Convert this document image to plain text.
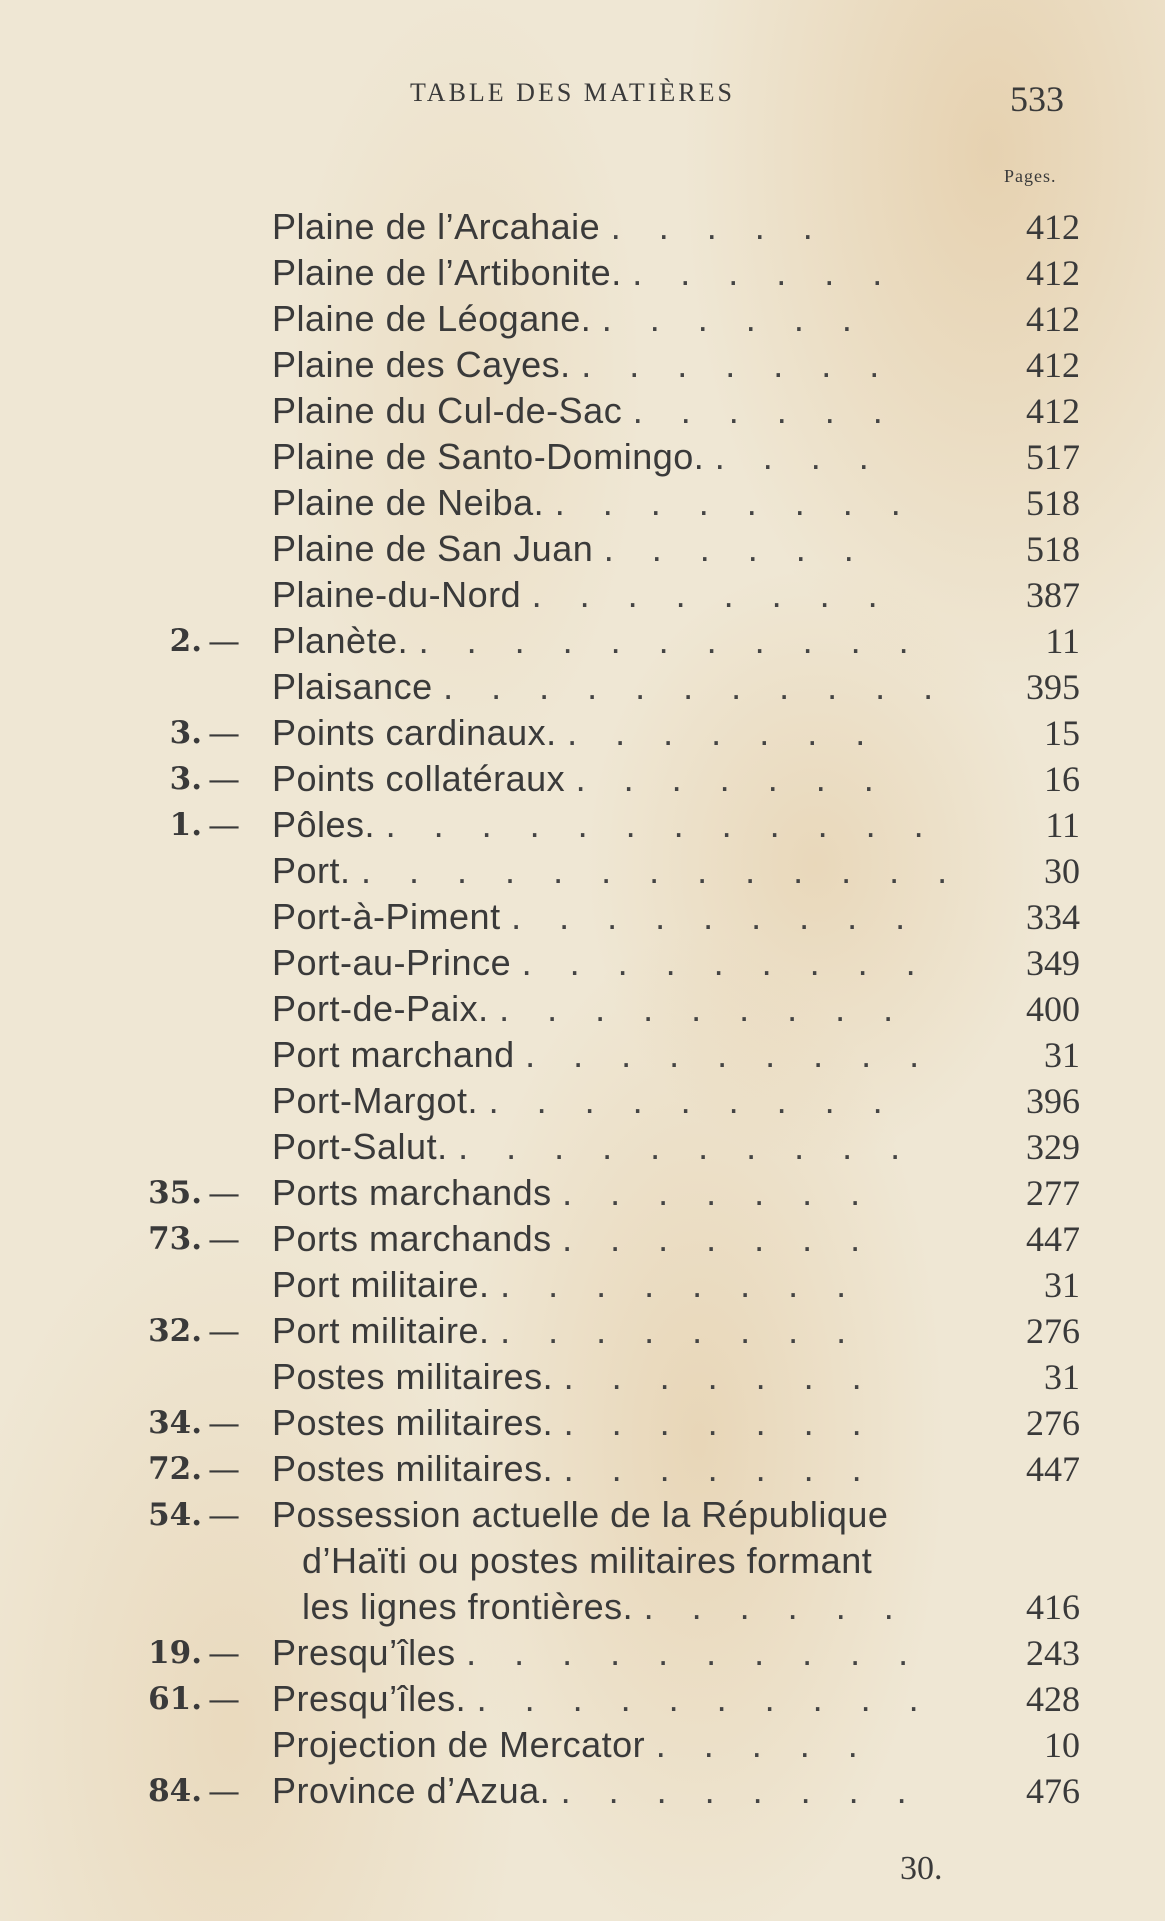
TABLE DES MATIÈRES	533
Pages.
Plaine de l’Arcahaie . . . . .	412
Plaine de l’Artibonite. . . . . . .	412
Plaine de Léogane. . . . . . .	412
Plaine des Cayes. . . . . . . .	412
Plaine du Cul-de-Sac . . . . . .	412
Plaine de Santo-Domingo. . . . .	517
Plaine de Neiba. . . . . . . . .	518
Plaine de San Juan . . . . . .	518
Plaine-du-Nord . . . . . . . .	387
2. — Planète. . . . . . . . . . . .	11
Plaisance . . . . . . . . . . .	395
3. — Points cardinaux. . . . . . . .	15
3. — Points collatéraux . . . . . . .	16
1. — Pôles. . . . . . . . . . . . .	11
Port. . . . . . . . . . . . . .	30
Port-à-Piment . . . . . . . . .	334
Port-au-Prince . . . . . . . . .	349
Port-de-Paix. . . . . . . . . .	400
Port marchand . . . . . . . . .	31
Port-Margot. . . . . . . . . .	396
Port-Salut. . . . . . . . . . .	329
35. — Ports marchands . . . . . . .	277
73. — Ports marchands . . . . . . .	447
Port militaire. . . . . . . . .	31
32. — Port militaire. . . . . . . . .	276
Postes militaires. . . . . . . .	31
34. — Postes militaires. . . . . . . .	276
72. — Postes militaires. . . . . . . .	447
54. — Possession actuelle de la République
d’Haïti ou postes militaires formant
les lignes frontières. . . . . . .	416
19. — Presqu’îles . . . . . . . . . .	243
61. — Presqu’îles. . . . . . . . . . .	428
Projection de Mercator . . . . .	10
84. — Province d’Azua. . . . . . . . .	476
30.
